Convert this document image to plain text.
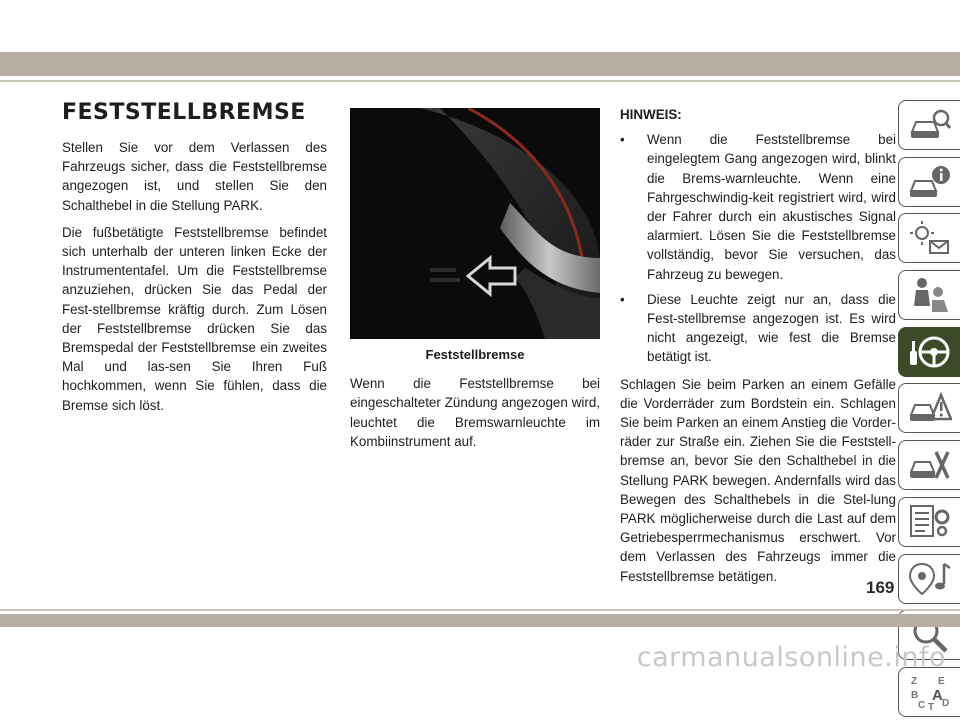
FESTSTELLBREMSE

Stellen Sie vor dem Verlassen des Fahrzeugs sicher, dass die Feststellbremse angezogen ist, und stellen Sie den Schalthebel in die Stellung PARK.

Die fußbetätigte Feststellbremse befindet sich unterhalb der unteren linken Ecke der Instrumententafel. Um die Feststellbremse anzuziehen, drücken Sie das Pedal der Fest-stellbremse kräftig durch. Zum Lösen der Feststellbremse drücken Sie das Bremspedal der Feststellbremse ein zweites Mal und las-sen Sie Ihren Fuß hochkommen, wenn Sie fühlen, dass die Bremse sich löst.

Feststellbremse

Wenn die Feststellbremse bei eingeschalteter Zündung angezogen wird, leuchtet die Bremswarnleuchte im Kombiinstrument auf.

HINWEIS:
• Wenn die Feststellbremse bei eingelegtem Gang angezogen wird, blinkt die Brems-warnleuchte. Wenn eine Fahrgeschwindig-keit registriert wird, wird der Fahrer durch ein akustisches Signal alarmiert. Lösen Sie die Feststellbremse vollständig, bevor Sie versuchen, das Fahrzeug zu bewegen.
• Diese Leuchte zeigt nur an, dass die Fest-stellbremse angezogen ist. Es wird nicht angezeigt, wie fest die Bremse betätigt ist.

Schlagen Sie beim Parken an einem Gefälle die Vorderräder zum Bordstein ein. Schlagen Sie beim Parken an einem Anstieg die Vorder-räder zur Straße ein. Ziehen Sie die Feststell-bremse an, bevor Sie den Schalthebel in die Stellung PARK bewegen. Andernfalls wird das Bewegen des Schalthebels in die Stel-lung PARK möglicherweise durch die Last auf dem Getriebesperrmechanismus erschwert. Vor dem Verlassen des Fahrzeugs immer die Feststellbremse betätigen.

Z E
B A
C T D
169
carmanualsonline.info
